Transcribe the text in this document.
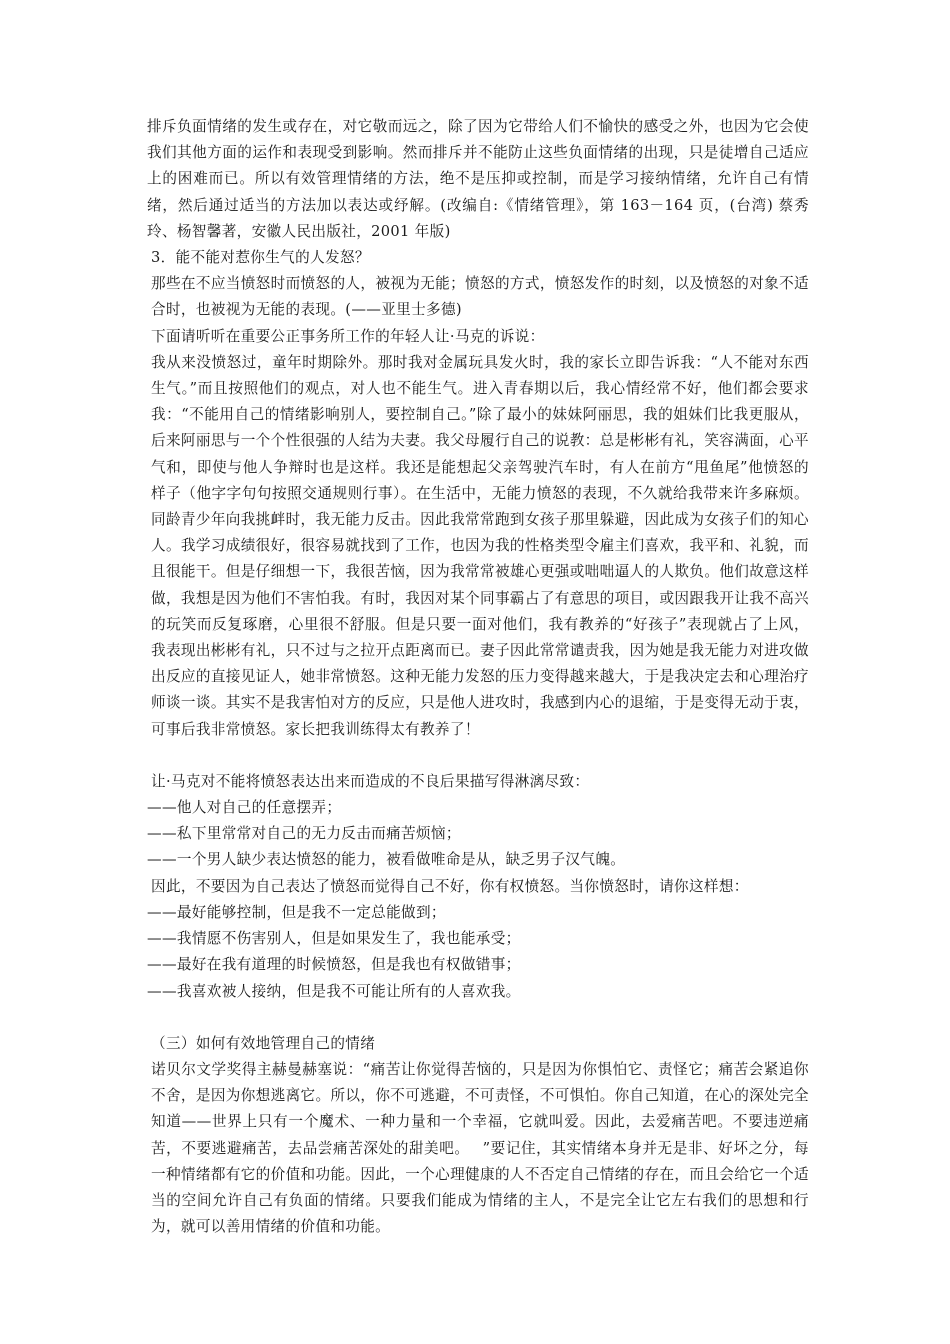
排斥负面情绪的发生或存在，对它敬而远之，除了因为它带给人们不愉快的感受之外，也因为它会使我们其他方面的运作和表现受到影响。然而排斥并不能防止这些负面情绪的出现，只是徒增自己适应上的困难而已。所以有效管理情绪的方法，绝不是压抑或控制，而是学习接纳情绪，允许自己有情绪，然后通过适当的方法加以表达或纾解。(改编自:《情绪管理》，第 163－164 页，(台湾) 蔡秀玲、杨智馨著，安徽人民出版社，2001 年版)

3．能不能对惹你生气的人发怒？

那些在不应当愤怒时而愤怒的人，被视为无能；愤怒的方式，愤怒发作的时刻，以及愤怒的对象不适合时，也被视为无能的表现。(——亚里士多德)

下面请听听在重要公正事务所工作的年轻人让·马克的诉说：

我从来没愤怒过，童年时期除外。那时我对金属玩具发火时，我的家长立即告诉我：“人不能对东西生气。”而且按照他们的观点，对人也不能生气。进入青春期以后，我心情经常不好，他们都会要求我：“不能用自己的情绪影响别人，要控制自己。”除了最小的妹妹阿丽思，我的姐妹们比我更服从，后来阿丽思与一个个性很强的人结为夫妻。我父母履行自己的说教：总是彬彬有礼，笑容满面，心平气和，即使与他人争辩时也是这样。我还是能想起父亲驾驶汽车时，有人在前方“甩鱼尾”他愤怒的样子（他字字句句按照交通规则行事）。在生活中，无能力愤怒的表现，不久就给我带来许多麻烦。同龄青少年向我挑衅时，我无能力反击。因此我常常跑到女孩子那里躲避，因此成为女孩子们的知心人。我学习成绩很好，很容易就找到了工作，也因为我的性格类型令雇主们喜欢，我平和、礼貌，而且很能干。但是仔细想一下，我很苦恼，因为我常常被雄心更强或咄咄逼人的人欺负。他们故意这样做，我想是因为他们不害怕我。有时，我因对某个同事霸占了有意思的项目，或因跟我开让我不高兴的玩笑而反复琢磨，心里很不舒服。但是只要一面对他们，我有教养的“好孩子”表现就占了上风，我表现出彬彬有礼，只不过与之拉开点距离而已。妻子因此常常谴责我，因为她是我无能力对进攻做出反应的直接见证人，她非常愤怒。这种无能力发怒的压力变得越来越大，于是我决定去和心理治疗师谈一谈。其实不是我害怕对方的反应，只是他人进攻时，我感到内心的退缩，于是变得无动于衷，可事后我非常愤怒。家长把我训练得太有教养了！

让·马克对不能将愤怒表达出来而造成的不良后果描写得淋漓尽致：

——他人对自己的任意摆弄；

——私下里常常对自己的无力反击而痛苦烦恼；

——一个男人缺少表达愤怒的能力，被看做唯命是从，缺乏男子汉气魄。

因此，不要因为自己表达了愤怒而觉得自己不好，你有权愤怒。当你愤怒时，请你这样想：

——最好能够控制，但是我不一定总能做到；

——我情愿不伤害别人，但是如果发生了，我也能承受；

——最好在我有道理的时候愤怒，但是我也有权做错事；

——我喜欢被人接纳，但是我不可能让所有的人喜欢我。

（三）如何有效地管理自己的情绪

诺贝尔文学奖得主赫曼赫塞说：“痛苦让你觉得苦恼的，只是因为你惧怕它、责怪它；痛苦会紧追你不舍，是因为你想逃离它。所以，你不可逃避，不可责怪，不可惧怕。你自己知道，在心的深处完全知道——世界上只有一个魔术、一种力量和一个幸福，它就叫爱。因此，去爱痛苦吧。不要违逆痛苦，不要逃避痛苦，去品尝痛苦深处的甜美吧。　 ”要记住，其实情绪本身并无是非、好坏之分，每一种情绪都有它的价值和功能。因此，一个心理健康的人不否定自己情绪的存在，而且会给它一个适当的空间允许自己有负面的情绪。只要我们能成为情绪的主人，不是完全让它左右我们的思想和行为，就可以善用情绪的价值和功能。
